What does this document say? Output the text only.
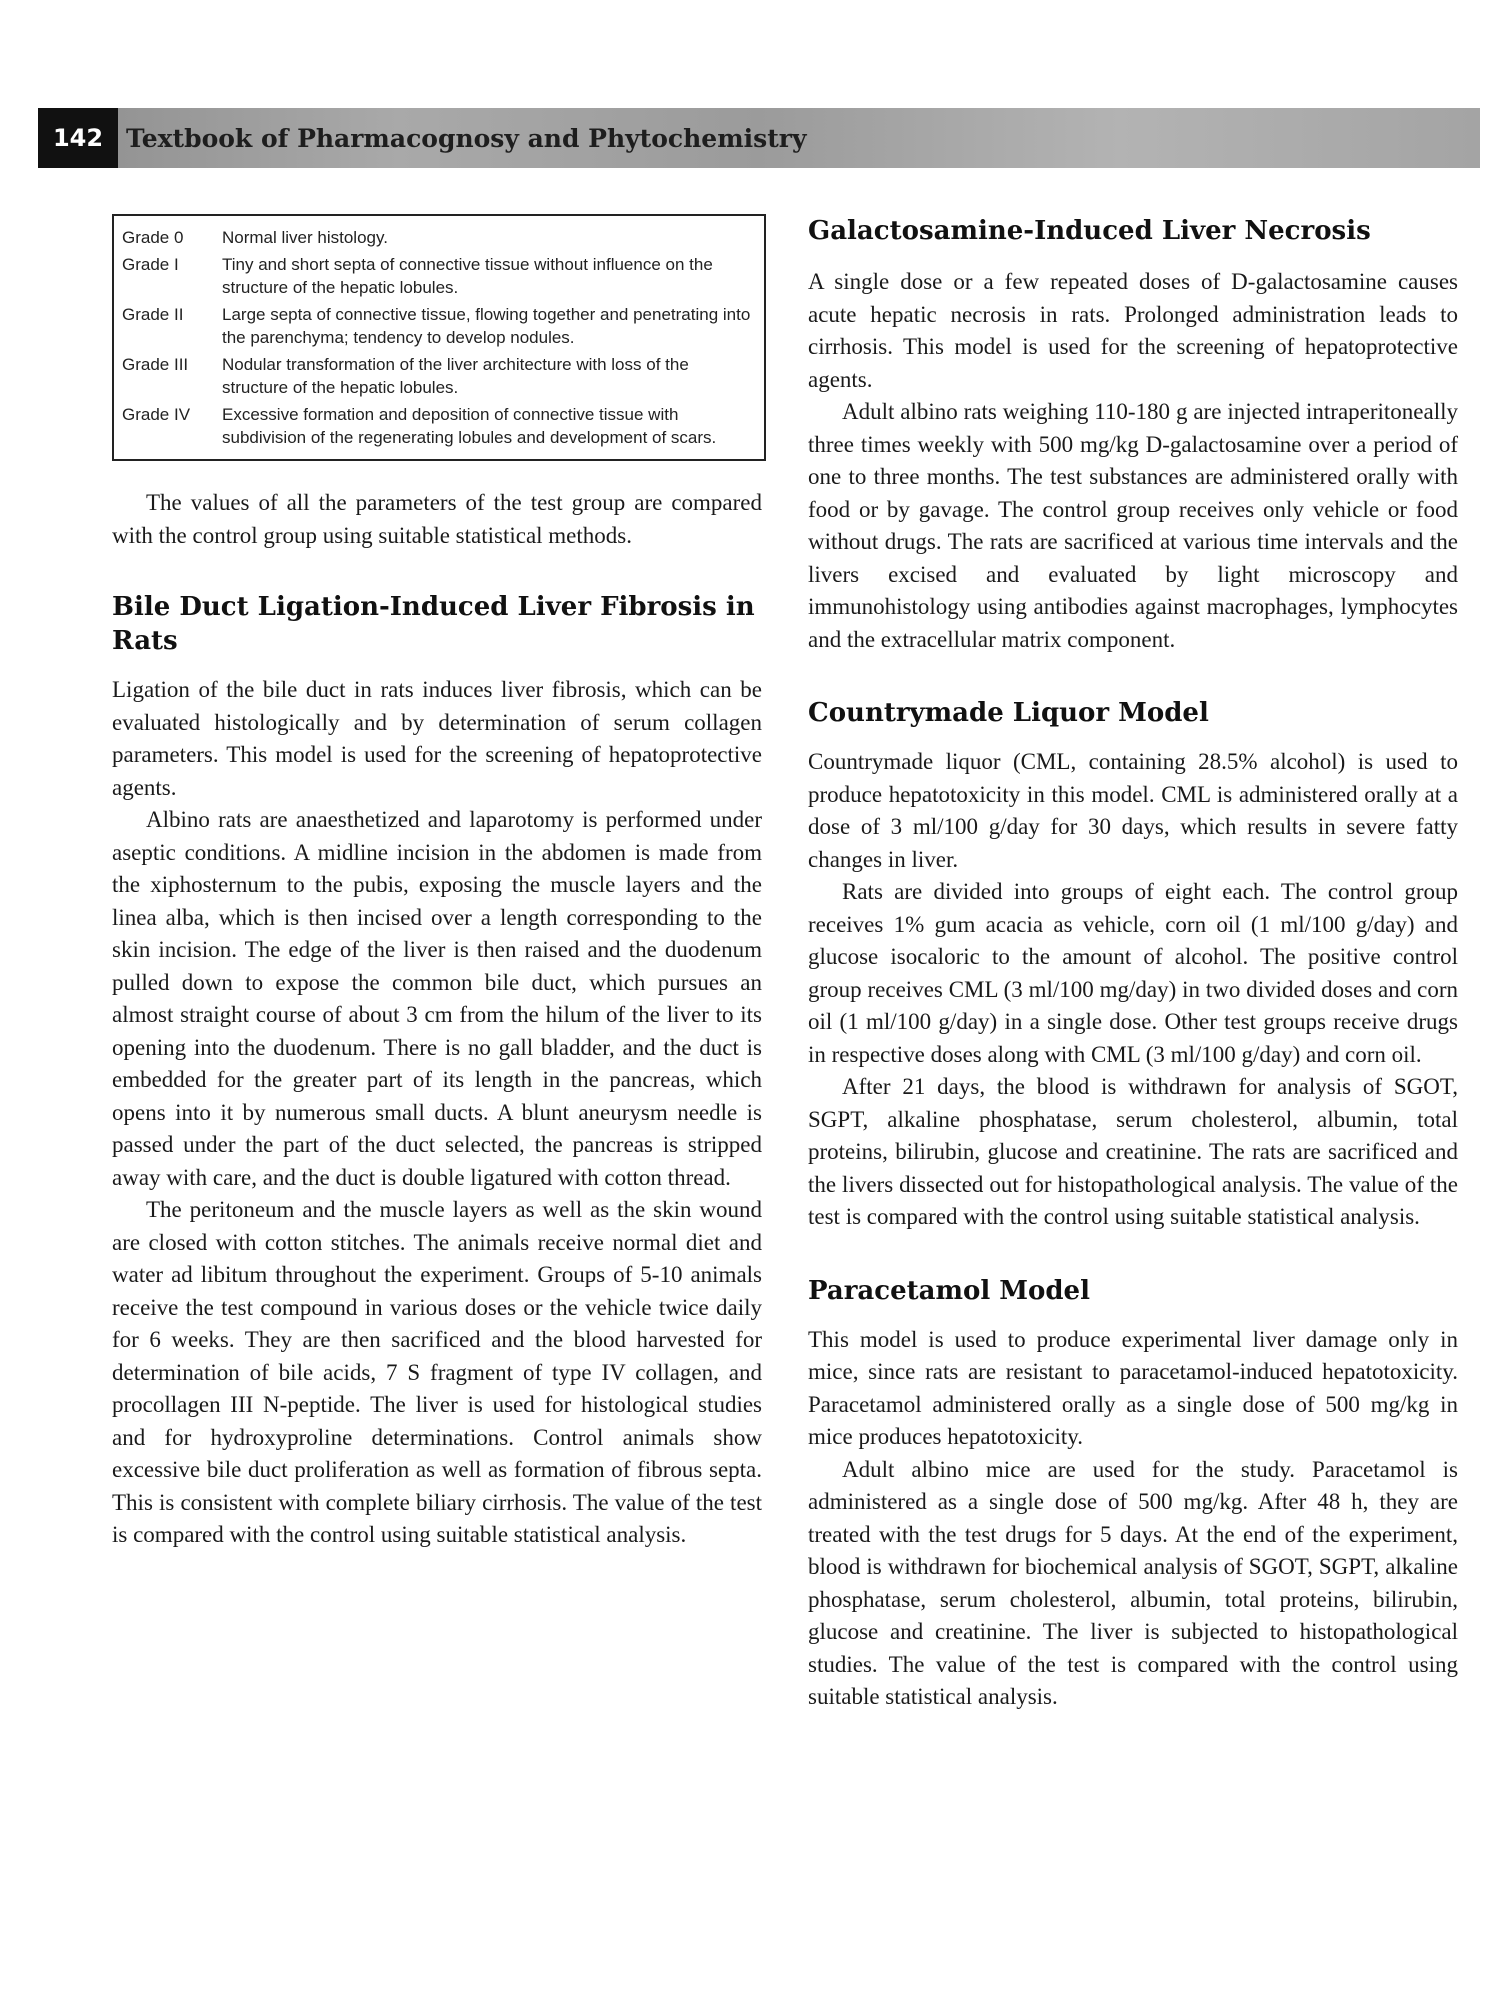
142 Textbook of Pharmacognosy and Phytochemistry
Grade 0	Normal liver histology.
Grade I	Tiny and short septa of connective tissue without influence on the structure of the hepatic lobules.
Grade II	Large septa of connective tissue, flowing together and penetrating into the parenchyma; tendency to develop nodules.
Grade III	Nodular transformation of the liver architecture with loss of the structure of the hepatic lobules.
Grade IV	Excessive formation and deposition of connective tissue with subdivision of the regenerating lobules and development of scars.

The values of all the parameters of the test group are compared with the control group using suitable statistical methods.

Bile Duct Ligation-Induced Liver Fibrosis in Rats

Ligation of the bile duct in rats induces liver fibrosis, which can be evaluated histologically and by determination of serum collagen parameters. This model is used for the screening of hepatoprotective agents.

Albino rats are anaesthetized and laparotomy is performed under aseptic conditions. A midline incision in the abdomen is made from the xiphosternum to the pubis, exposing the muscle layers and the linea alba, which is then incised over a length corresponding to the skin incision. The edge of the liver is then raised and the duodenum pulled down to expose the common bile duct, which pursues an almost straight course of about 3 cm from the hilum of the liver to its opening into the duodenum. There is no gall bladder, and the duct is embedded for the greater part of its length in the pancreas, which opens into it by numerous small ducts. A blunt aneurysm needle is passed under the part of the duct selected, the pancreas is stripped away with care, and the duct is double ligatured with cotton thread.

The peritoneum and the muscle layers as well as the skin wound are closed with cotton stitches. The animals receive normal diet and water ad libitum throughout the experiment. Groups of 5-10 animals receive the test compound in various doses or the vehicle twice daily for 6 weeks. They are then sacrificed and the blood harvested for determination of bile acids, 7 S fragment of type IV collagen, and procollagen III N-peptide. The liver is used for histological studies and for hydroxyproline determinations. Control animals show excessive bile duct proliferation as well as formation of fibrous septa. This is consistent with complete biliary cirrhosis. The value of the test is compared with the control using suitable statistical analysis.

Galactosamine-Induced Liver Necrosis

A single dose or a few repeated doses of D-galactosamine causes acute hepatic necrosis in rats. Prolonged administration leads to cirrhosis. This model is used for the screening of hepatoprotective agents.

Adult albino rats weighing 110-180 g are injected intraperitoneally three times weekly with 500 mg/kg D-galactosamine over a period of one to three months. The test substances are administered orally with food or by gavage. The control group receives only vehicle or food without drugs. The rats are sacrificed at various time intervals and the livers excised and evaluated by light microscopy and immunohistology using antibodies against macrophages, lymphocytes and the extracellular matrix component.

Countrymade Liquor Model

Countrymade liquor (CML, containing 28.5% alcohol) is used to produce hepatotoxicity in this model. CML is administered orally at a dose of 3 ml/100 g/day for 30 days, which results in severe fatty changes in liver.

Rats are divided into groups of eight each. The control group receives 1% gum acacia as vehicle, corn oil (1 ml/100 g/day) and glucose isocaloric to the amount of alcohol. The positive control group receives CML (3 ml/100 mg/day) in two divided doses and corn oil (1 ml/100 g/day) in a single dose. Other test groups receive drugs in respective doses along with CML (3 ml/100 g/day) and corn oil.

After 21 days, the blood is withdrawn for analysis of SGOT, SGPT, alkaline phosphatase, serum cholesterol, albumin, total proteins, bilirubin, glucose and creatinine. The rats are sacrificed and the livers dissected out for histopathological analysis. The value of the test is compared with the control using suitable statistical analysis.

Paracetamol Model

This model is used to produce experimental liver damage only in mice, since rats are resistant to paracetamol-induced hepatotoxicity. Paracetamol administered orally as a single dose of 500 mg/kg in mice produces hepatotoxicity.

Adult albino mice are used for the study. Paracetamol is administered as a single dose of 500 mg/kg. After 48 h, they are treated with the test drugs for 5 days. At the end of the experiment, blood is withdrawn for biochemical analysis of SGOT, SGPT, alkaline phosphatase, serum cholesterol, albumin, total proteins, bilirubin, glucose and creatinine. The liver is subjected to histopathological studies. The value of the test is compared with the control using suitable statistical analysis.
